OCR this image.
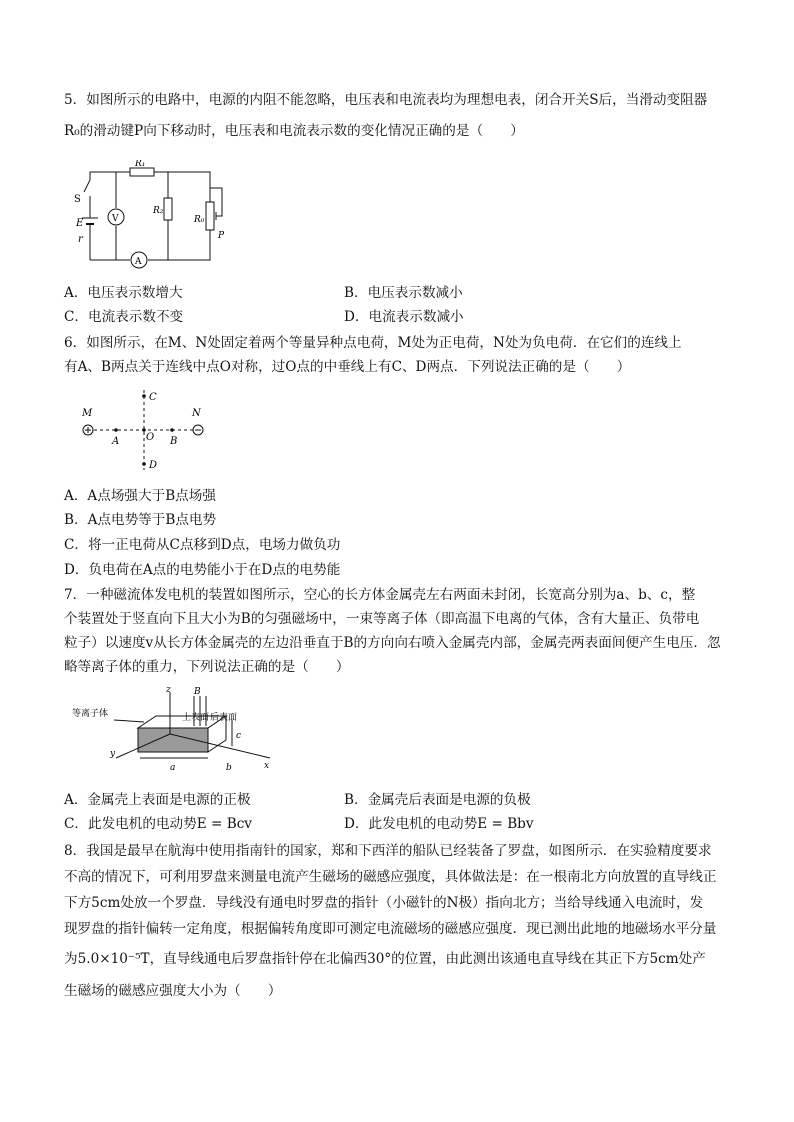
5．如图所示的电路中，电源的内阻不能忽略，电压表和电流表均为理想电表，闭合开关S后，当滑动变阻器
R₀的滑动键P向下移动时，电压表和电流表示数的变化情况正确的是（　　）
V
A
R₁
R₂
R₀
P
S
E
r
A．电压表示数增大	B．电压表示数减小
C．电流表示数不变	D．电流表示数减小
6．如图所示，在M、N处固定着两个等量异种点电荷，M处为正电荷，N处为负电荷．在它们的连线上
有A、B两点关于连线中点O对称，过O点的中垂线上有C、D两点．下列说法正确的是（　　）
M	N
A	B
O
C
D
A．A点场强大于B点场强
B．A点电势等于B点电势
C．将一正电荷从C点移到D点，电场力做负功
D．负电荷在A点的电势能小于在D点的电势能
7．一种磁流体发电机的装置如图所示，空心的长方体金属壳左右两面未封闭，长宽高分别为a、b、c，整
个装置处于竖直向下且大小为B的匀强磁场中，一束等离子体（即高温下电离的气体，含有大量正、负带电
粒子）以速度v从长方体金属壳的左边沿垂直于B的方向向右喷入金属壳内部，金属壳两表面间便产生电压．忽
略等离子体的重力，下列说法正确的是（　　）
z	B
x
y
等离子体	上表面 后表面
a	b
c
A．金属壳上表面是电源的正极	B．金属壳后表面是电源的负极
C．此发电机的电动势E = Bcv	D．此发电机的电动势E = Bbv
8．我国是最早在航海中使用指南针的国家，郑和下西洋的船队已经装备了罗盘，如图所示．在实验精度要求
不高的情况下，可利用罗盘来测量电流产生磁场的磁感应强度，具体做法是：在一根南北方向放置的直导线正
下方5cm处放一个罗盘．导线没有通电时罗盘的指针（小磁针的N极）指向北方；当给导线通入电流时，发
现罗盘的指针偏转一定角度，根据偏转角度即可测定电流磁场的磁感应强度．现已测出此地的地磁场水平分量
为5.0×10⁻⁵T，直导线通电后罗盘指针停在北偏西30°的位置，由此测出该通电直导线在其正下方5cm处产
生磁场的磁感应强度大小为（　　）
